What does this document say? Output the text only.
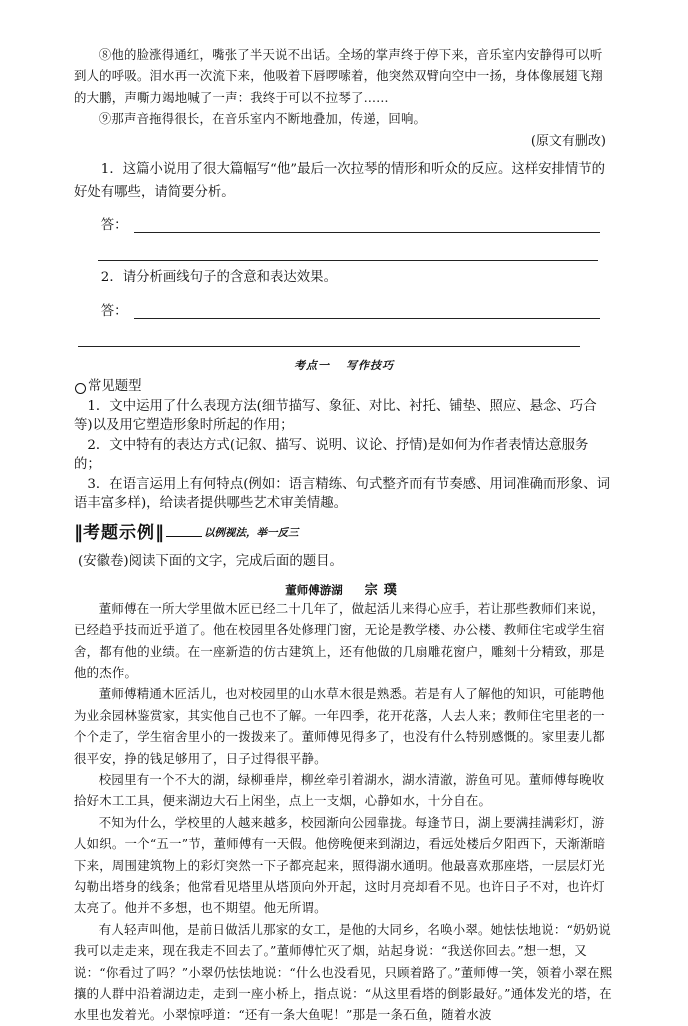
⑧他的脸涨得通红，嘴张了半天说不出话。全场的掌声终于停下来，音乐室内安静得可以听到人的呼吸。泪水再一次流下来，他吸着下唇啰嗦着，他突然双臂向空中一扬，身体像展翅飞翔的大鹏，声嘶力竭地喊了一声：我终于可以不拉琴了……

⑨那声音拖得很长，在音乐室内不断地叠加，传递，回响。

(原文有删改)

1．这篇小说用了很大篇幅写“他”最后一次拉琴的情形和听众的反应。这样安排情节的好处有哪些，请简要分析。

答：

2．请分析画线句子的含意和表达效果。

答：
考点一 写作技巧
常见题型

1．文中运用了什么表现方法(细节描写、象征、对比、衬托、铺垫、照应、悬念、巧合等)以及用它塑造形象时所起的作用；

2．文中特有的表达方式(记叙、描写、说明、议论、抒情)是如何为作者表情达意服务的；

3．在语言运用上有何特点(例如：语言精练、句式整齐而有节奏感、用词准确而形象、词语丰富多样)，给读者提供哪些艺术审美情趣。

‖ 考题示例 ‖	以例视法，举一反三

(安徽卷)阅读下面的文字，完成后面的题目。

董师傅游湖 宗璞

董师傅在一所大学里做木匠已经二十几年了，做起活儿来得心应手，若让那些教师们来说，已经趋乎技而近乎道了。他在校园里各处修理门窗，无论是教学楼、办公楼、教师住宅或学生宿舍，都有他的业绩。在一座新造的仿古建筑上，还有他做的几扇雕花窗户，雕刻十分精致，那是他的杰作。

董师傅精通木匠活儿，也对校园里的山水草木很是熟悉。若是有人了解他的知识，可能聘他为业余园林鉴赏家，其实他自己也不了解。一年四季，花开花落，人去人来；教师住宅里老的一个个走了，学生宿舍里小的一拨拨来了。董师傅见得多了，也没有什么特别感慨的。家里妻儿都很平安，挣的钱足够用了，日子过得很平静。

校园里有一个不大的湖，绿柳垂岸，柳丝牵引着湖水，湖水清澈，游鱼可见。董师傅每晚收拾好木工工具，便来湖边大石上闲坐，点上一支烟，心静如水，十分自在。

不知为什么，学校里的人越来越多，校园渐向公园靠拢。每逢节日，湖上要满挂满彩灯，游人如织。一个“五一”节，董师傅有一天假。他傍晚便来到湖边，看远处楼后夕阳西下，天渐渐暗下来，周围建筑物上的彩灯突然一下子都亮起来，照得湖水通明。他最喜欢那座塔，一层层灯光勾勒出塔身的线条；他常看见塔里从塔顶向外开起，这时月亮却看不见。也许日子不对，也许灯太亮了。他并不多想，也不期望。他无所谓。

有人轻声叫他，是前日做活儿那家的女工，是他的大同乡，名唤小翠。她怯怯地说：“奶奶说我可以走走来，现在我走不回去了。”董师傅忙灭了烟，站起身说：“我送你回去。”想一想，又说：“你看过了吗？”小翠仍怯怯地说：“什么也没看见，只顾着路了。”董师傅一笑，领着小翠在熙攘的人群中沿着湖边走，走到一座小桥上，指点说：“从这里看塔的倒影最好。”通体发光的塔，在水里也发着光。小翠惊呼道：“还有一条大鱼呢！”那是一条石鱼，随着水波
